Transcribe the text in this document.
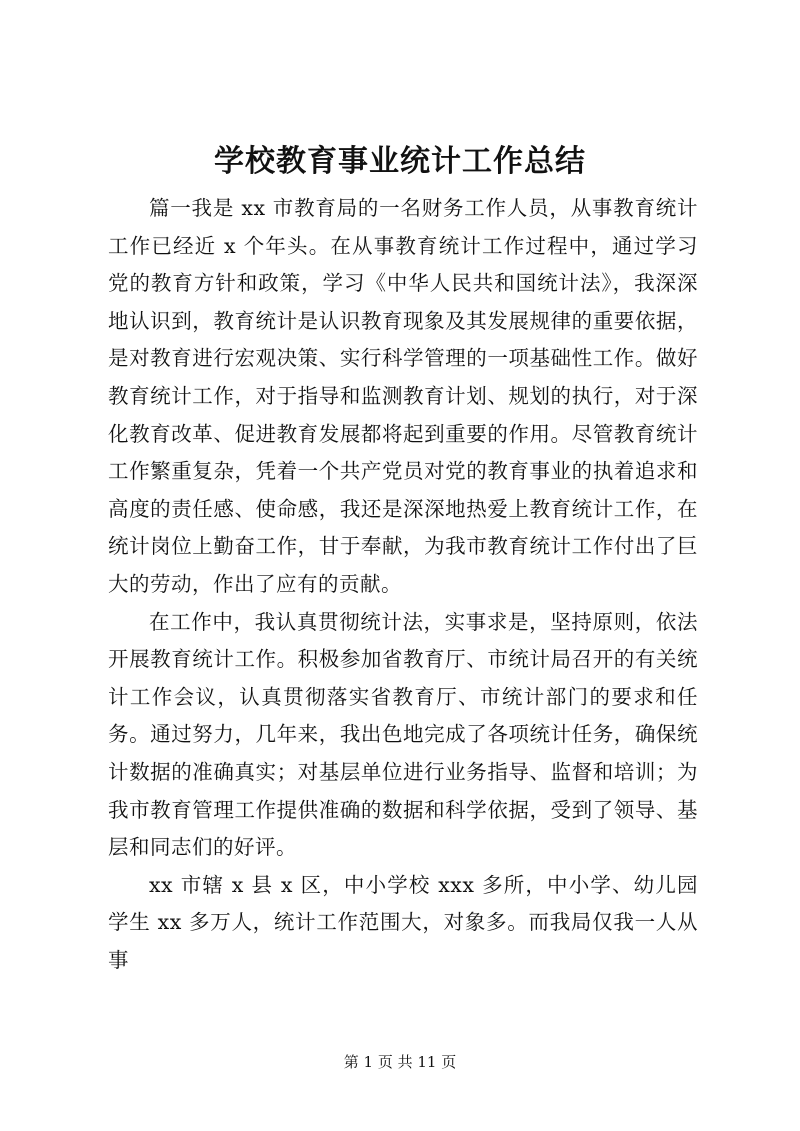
学校教育事业统计工作总结

篇一我是 xx 市教育局的一名财务工作人员，从事教育统计工作已经近 x 个年头。在从事教育统计工作过程中，通过学习党的教育方针和政策，学习《中华人民共和国统计法》，我深深地认识到，教育统计是认识教育现象及其发展规律的重要依据，是对教育进行宏观决策、实行科学管理的一项基础性工作。做好教育统计工作，对于指导和监测教育计划、规划的执行，对于深化教育改革、促进教育发展都将起到重要的作用。尽管教育统计工作繁重复杂，凭着一个共产党员对党的教育事业的执着追求和高度的责任感、使命感，我还是深深地热爱上教育统计工作，在统计岗位上勤奋工作，甘于奉献，为我市教育统计工作付出了巨大的劳动，作出了应有的贡献。

在工作中，我认真贯彻统计法，实事求是，坚持原则，依法开展教育统计工作。积极参加省教育厅、市统计局召开的有关统计工作会议，认真贯彻落实省教育厅、市统计部门的要求和任务。通过努力，几年来，我出色地完成了各项统计任务，确保统计数据的准确真实；对基层单位进行业务指导、监督和培训；为我市教育管理工作提供准确的数据和科学依据，受到了领导、基层和同志们的好评。

xx 市辖 x 县 x 区，中小学校 xxx 多所，中小学、幼儿园学生 xx 多万人，统计工作范围大，对象多。而我局仅我一人从事

第 1 页 共 11 页
